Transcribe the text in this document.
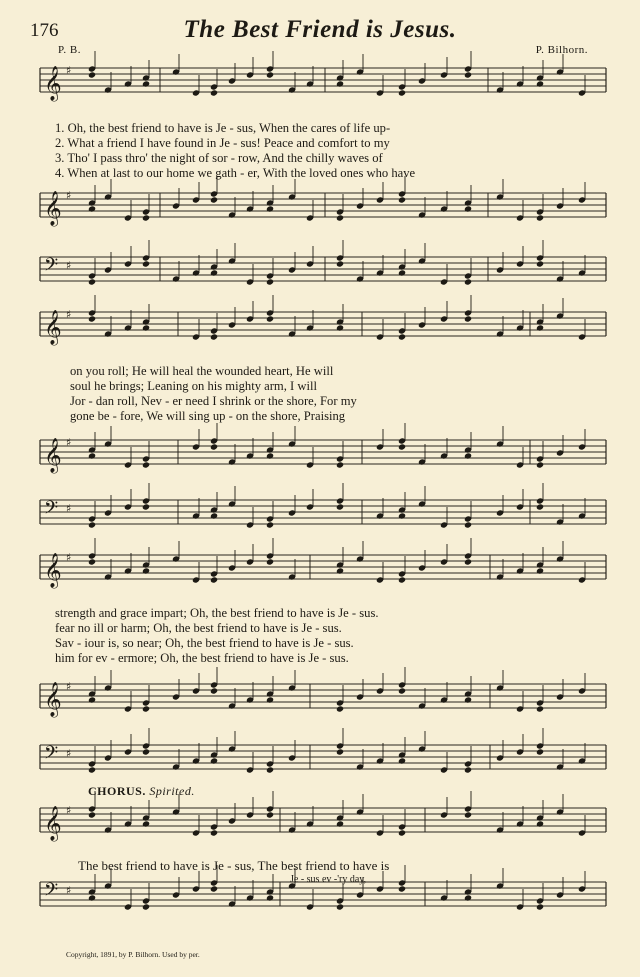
176	The Best Friend is Jesus.
P. B.	P. Bilhorn.
𝄞 ♯
𝄞 ♯
𝄢 ♯
𝄞 ♯
𝄞 ♯
𝄢 ♯
𝄞 ♯
𝄞 ♯
𝄢 ♯
𝄞 ♯
𝄢 ♯
1. Oh, the best friend to have is Je - sus, When the cares of life up-
2. What a friend I have found in Je - sus! Peace and comfort to my
3. Tho' I pass thro' the night of sor - row, And the chilly waves of
4. When at last to our home we gath - er, With the loved ones who have
on you roll; He will heal the wounded heart, He will
soul he brings; Leaning on his mighty arm, I will
Jor - dan roll, Nev - er need I shrink or the shore, For my
gone be - fore, We will sing up - on the shore, Praising
strength and grace impart; Oh, the best friend to have is Je - sus.
fear no ill or harm; Oh, the best friend to have is Je - sus.
Sav - iour is, so near; Oh, the best friend to have is Je - sus.
him for ev - ermore; Oh, the best friend to have is Je - sus.
CHORUS. Spirited.
The best friend to have is Je - sus, The best friend to have is
Je - sus ev -'ry day,
Copyright, 1891, by P. Bilhorn. Used by per.
